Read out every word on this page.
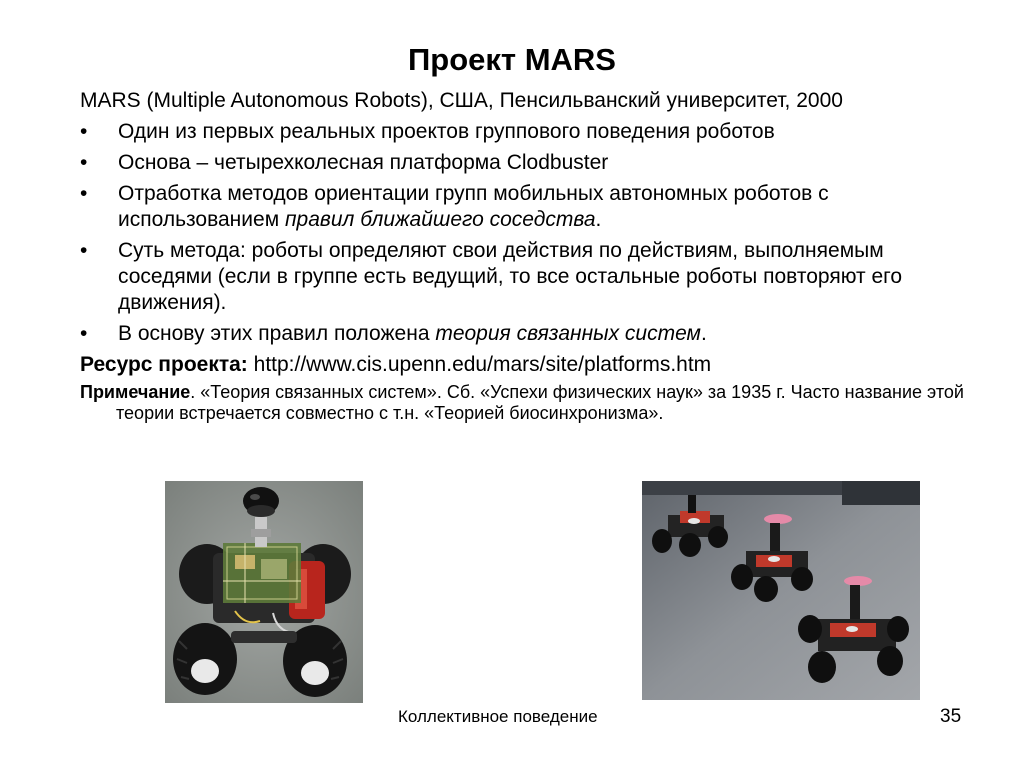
Проект MARS

MARS (Multiple Autonomous Robots), США, Пенсильванский университет, 2000

•	Один из первых реальных проектов группового поведения роботов
•	Основа – четырехколесная платформа Clodbuster
•	Отработка методов ориентации групп мобильных автономных роботов с использованием правил ближайшего соседства.
•	Суть метода: роботы определяют свои действия по действиям, выполняемым соседями (если в группе есть ведущий, то все остальные роботы повторяют его движения).
•	В основу этих правил положена теория связанных систем.

Ресурс проекта: http://www.cis.upenn.edu/mars/site/platforms.htm

Примечание. «Теория связанных систем». Сб. «Успехи физических наук» за 1935 г. Часто название этой теории встречается совместно с т.н. «Теорией биосинхронизма».

Коллективное поведение	35
